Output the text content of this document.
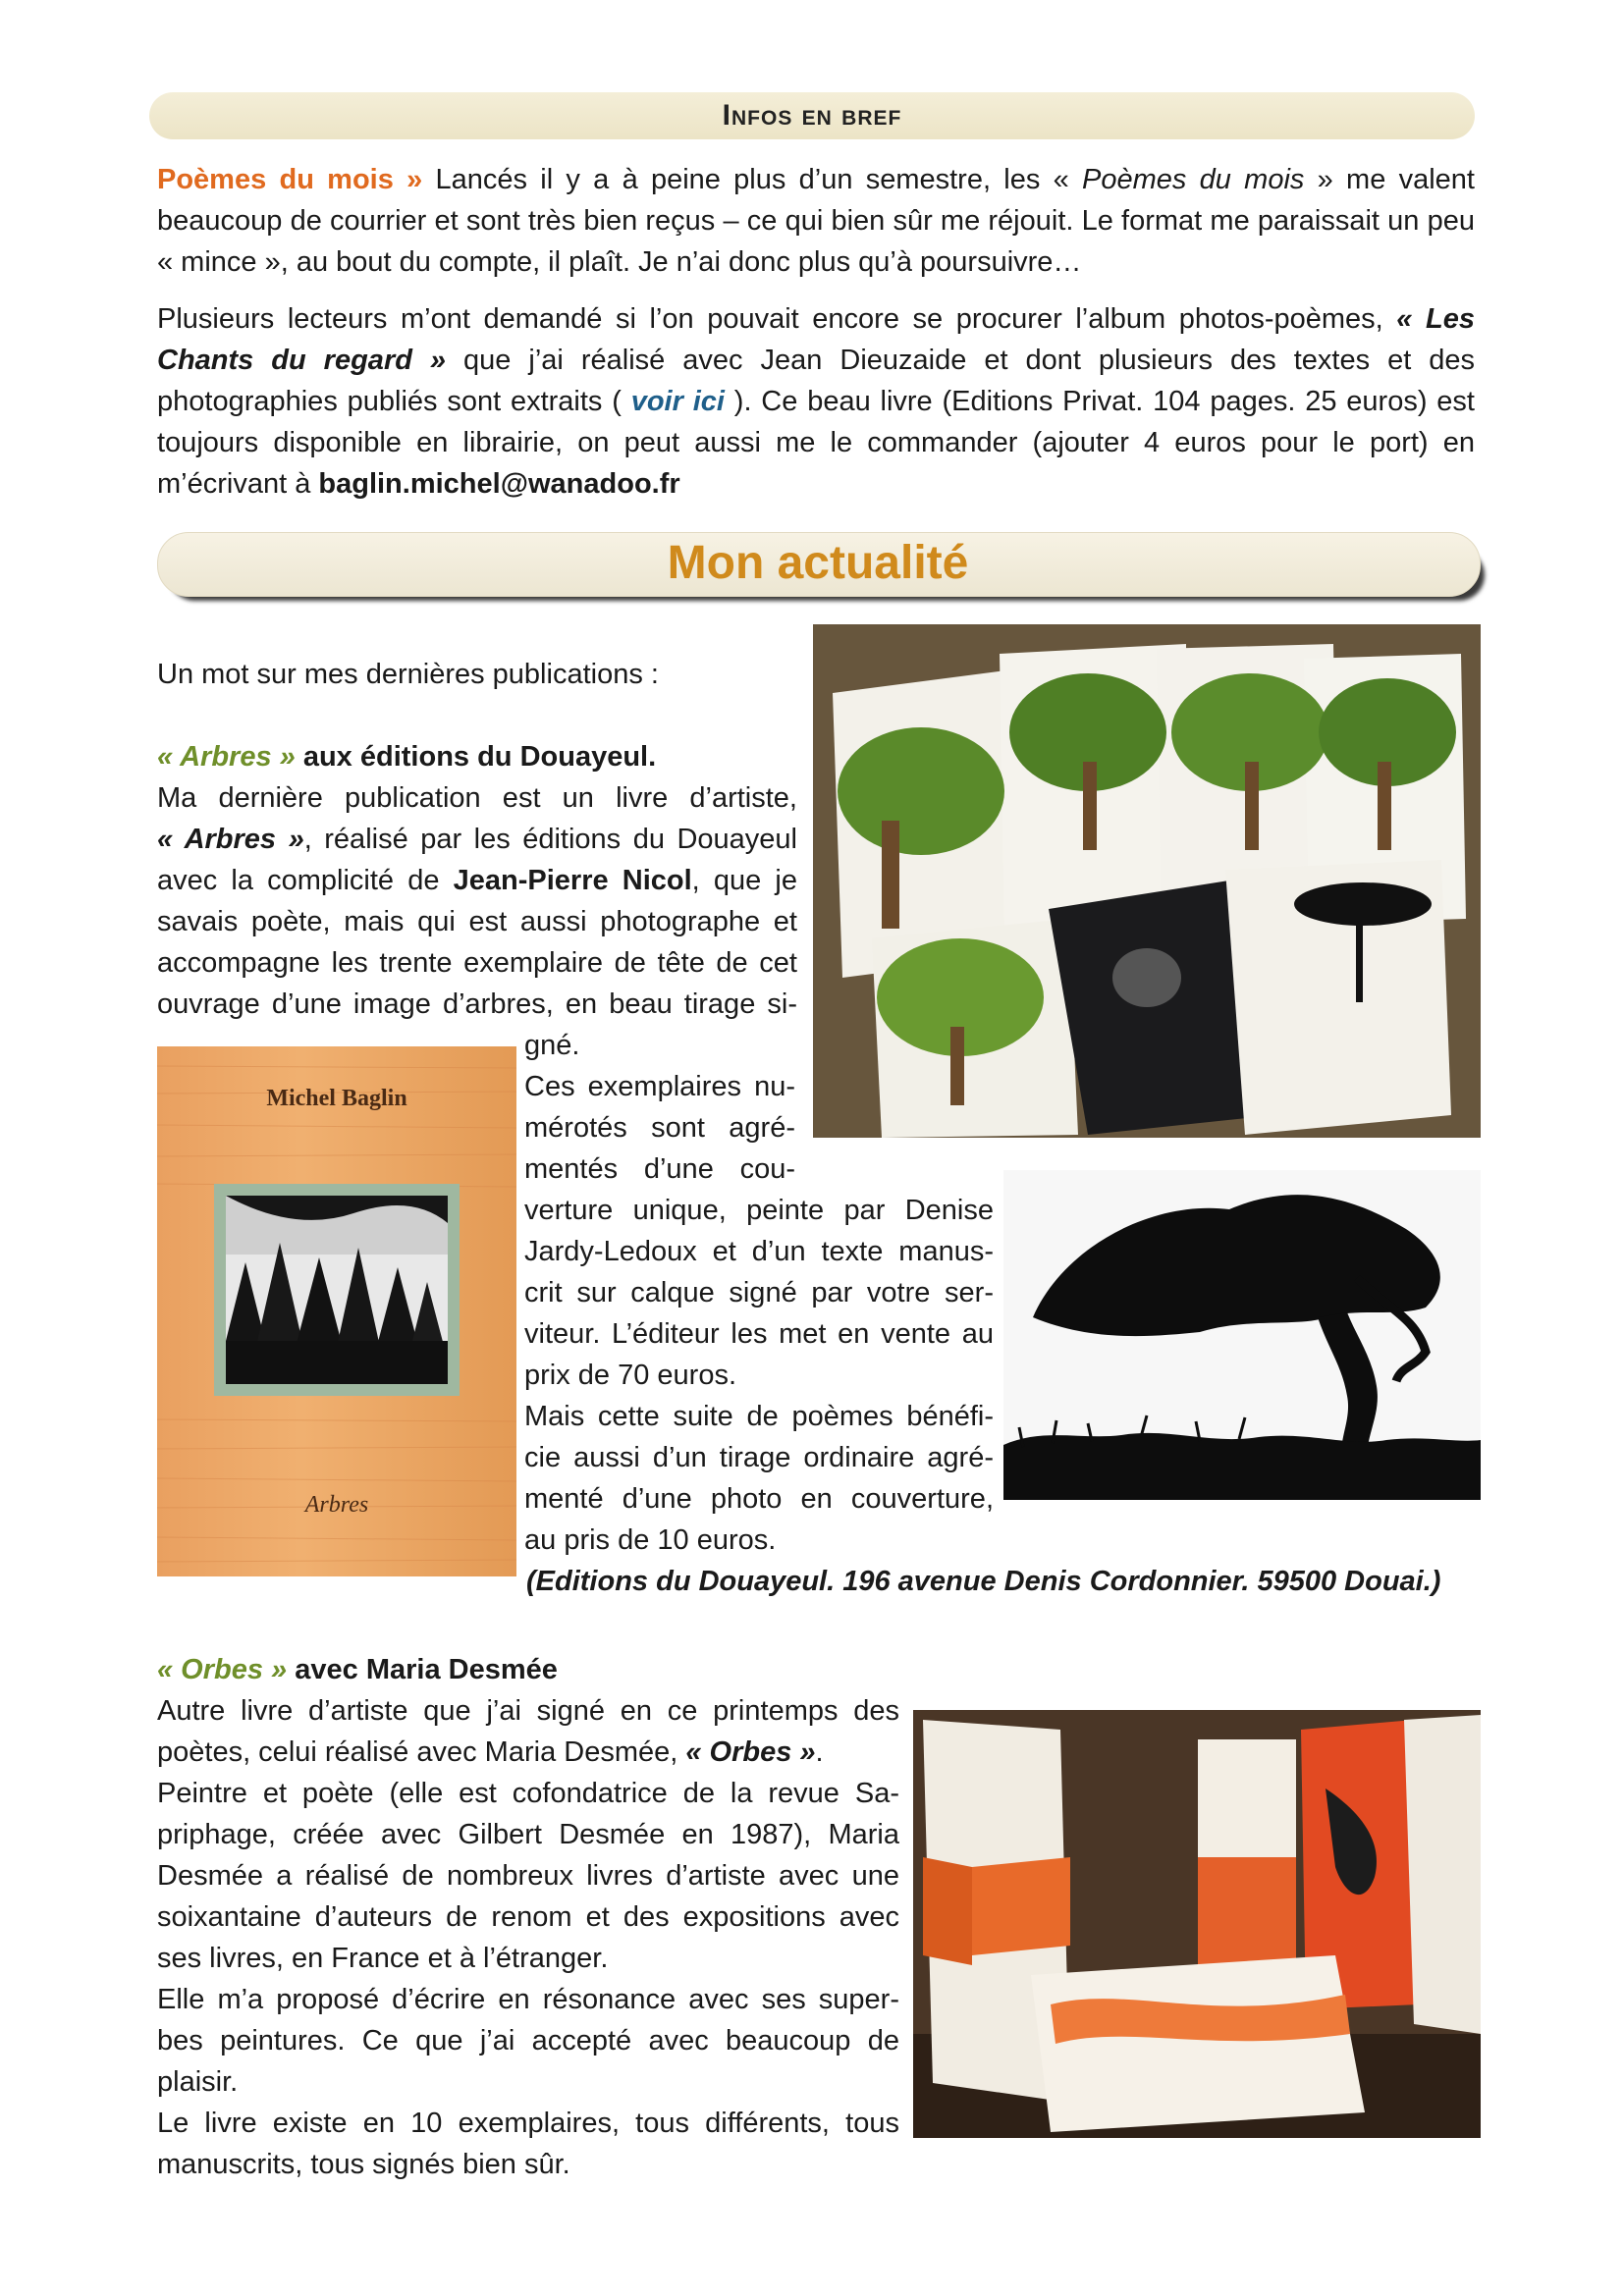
Infos en bref
Poèmes du mois » Lancés il y a à peine plus d’un semestre, les « Poèmes du mois » me valent beaucoup de courrier et sont très bien reçus – ce qui bien sûr me réjouit. Le format me paraissait un peu « mince », au bout du compte, il plaît. Je n’ai donc plus qu’à poursuivre…
Plusieurs lecteurs m’ont demandé si l’on pouvait encore se procurer l’album photos-poèmes, « Les Chants du regard » que j’ai réalisé avec Jean Dieuzaide et dont plusieurs des textes et des photographies publiés sont extraits ( voir ici ). Ce beau livre (Editions Privat. 104 pages. 25 euros) est toujours disponible en librairie, on peut aussi me le commander (ajouter 4 euros pour le port) en m’écrivant à baglin.michel@wanadoo.fr
Mon actualité
Un mot sur mes dernières publications :
« Arbres » aux éditions du Douayeul.
Ma dernière publication est un livre d’artiste,
« Arbres », réalisé par les éditions du Douayeul
avec la complicité de Jean-Pierre Nicol, que je
savais poète, mais qui est aussi photographe et
accompagne les trente exemplaire de tête de cet
ouvrage d’une image d’arbres, en beau tirage si-
gné.
Ces exemplaires nu-
mérotés sont agré-
mentés d’une cou-
verture unique, peinte par Denise
Jardy-Ledoux et d’un texte manus-
crit sur calque signé par votre ser-
viteur. L’éditeur les met en vente au
prix de 70 euros.
Mais cette suite de poèmes bénéfi-
cie aussi d’un tirage ordinaire agré-
menté d’une photo en couverture,
au pris de 10 euros.
(Editions du Douayeul. 196 avenue Denis Cordonnier. 59500 Douai.)
Michel Baglin
Arbres
« Orbes » avec Maria Desmée
Autre livre d’artiste que j’ai signé en ce printemps des
poètes, celui réalisé avec Maria Desmée, « Orbes ».
Peintre et poète (elle est cofondatrice de la revue Sa-
priphage, créée avec Gilbert Desmée en 1987), Maria
Desmée a réalisé de nombreux livres d’artiste avec une
soixantaine d’auteurs de renom et des expositions avec
ses livres, en France et à l’étranger.
Elle m’a proposé d’écrire en résonance avec ses super-
bes peintures. Ce que j’ai accepté avec beaucoup de
plaisir.
Le livre existe en 10 exemplaires, tous différents, tous
manuscrits, tous signés bien sûr.
